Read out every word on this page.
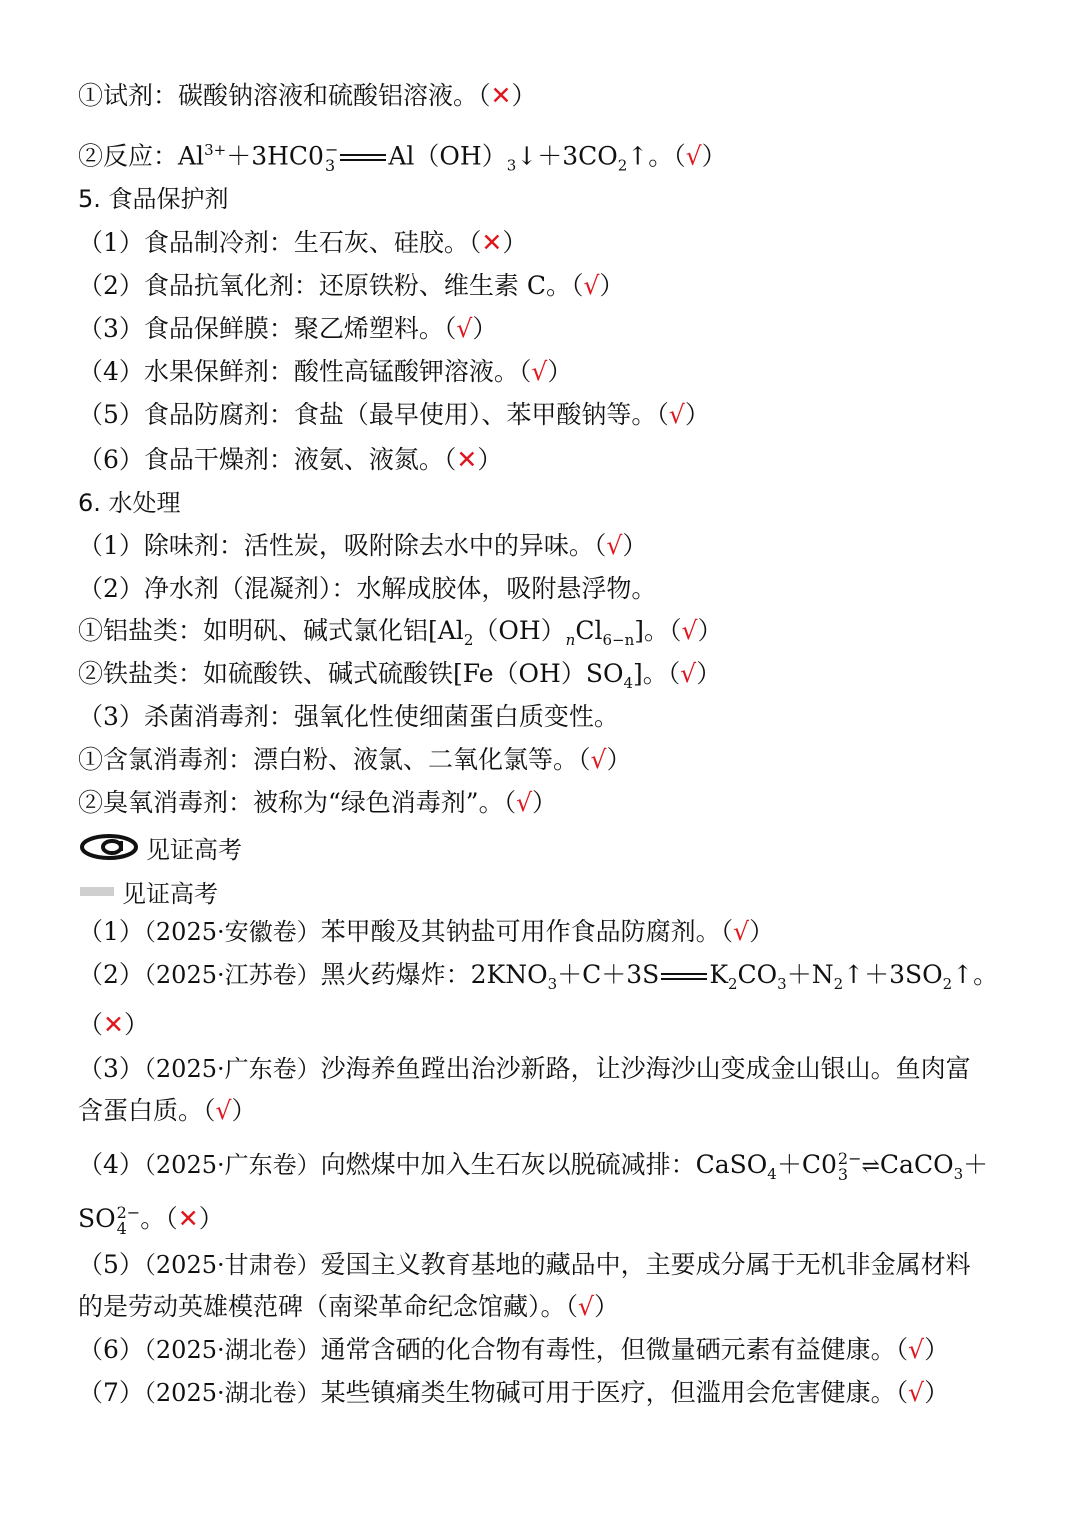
①试剂：碳酸钠溶液和硫酸铝溶液。（✕）
②反应：$Al^{3+}+3HC0$ −
3 $Al(OH)_3↓+3CO_2↑$。（√）
5. 食品保护剂
（1）食品制冷剂：生石灰、硅胶。（✕）
（2）食品抗氧化剂：还原铁粉、维生素 C。（√）
（3）食品保鲜膜：聚乙烯塑料。（√）
（4）水果保鲜剂：酸性高锰酸钾溶液。（√）
（5）食品防腐剂：食盐（最早使用）、苯甲酸钠等。（√）
（6）食品干燥剂：液氨、液氮。（✕）
6. 水处理
（1）除味剂：活性炭，吸附除去水中的异味。（√）
（2）净水剂（混凝剂）：水解成胶体，吸附悬浮物。
①铝盐类：如明矾、碱式氯化铝$[Al_2(OH)_nCl_{6-n}]$。（√）
②铁盐类：如硫酸铁、碱式硫酸铁$[Fe(OH)SO_4]$。（√）
（3）杀菌消毒剂：强氧化性使细菌蛋白质变性。
①含氯消毒剂：漂白粉、液氯、二氧化氯等。（√）
②臭氧消毒剂：被称为“绿色消毒剂”。（√）
见证高考
见证高考
（1）（2025·安徽卷）苯甲酸及其钠盐可用作食品防腐剂。（√）
（2）（2025·江苏卷）黑火药爆炸：$2KNO_3+C+3S$ $K_2CO_3+N_2↑+3SO_2↑$。
（✕）
（3）（2025·广东卷）沙海养鱼蹚出治沙新路，让沙海沙山变成金山银山。鱼肉富
含蛋白质。（√）
（4）（2025·广东卷）向燃煤中加入生石灰以脱硫减排：CaSO$_4$＋C0 2−
3 ⇌CaCO$_3$＋
SO 2−
4 。（✕）
（5）（2025·甘肃卷）爱国主义教育基地的藏品中，主要成分属于无机非金属材料
的是劳动英雄模范碑（南梁革命纪念馆藏）。（√）
（6）（2025·湖北卷）通常含硒的化合物有毒性，但微量硒元素有益健康。（√）
（7）（2025·湖北卷）某些镇痛类生物碱可用于医疗，但滥用会危害健康。（√）
